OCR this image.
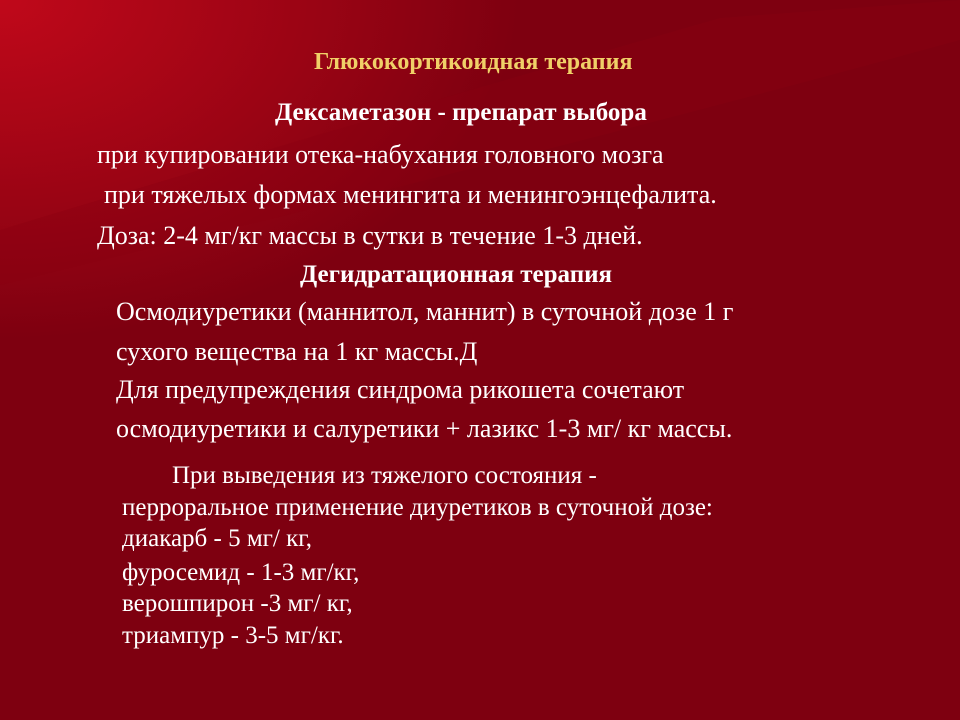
Глюкокортикоидная терапия

Дексаметазон - препарат выбора

при купировании отека-набухания головного мозга

при тяжелых формах менингита и менингоэнцефалита.

Доза: 2-4 мг/кг массы в сутки в течение 1-3 дней.

Дегидратационная терапия

Осмодиуретики (маннитол, маннит) в суточной дозе 1 г

сухого вещества на 1 кг массы.Д

Для предупреждения синдрома рикошета сочетают

осмодиуретики и салуретики + лазикс 1-3 мг/ кг массы.

При выведения из тяжелого состояния -

перроральное применение диуретиков в суточной дозе:

диакарб - 5 мг/ кг,

фуросемид - 1-3 мг/кг,

верошпирон -3 мг/ кг,

триампур - 3-5 мг/кг.
